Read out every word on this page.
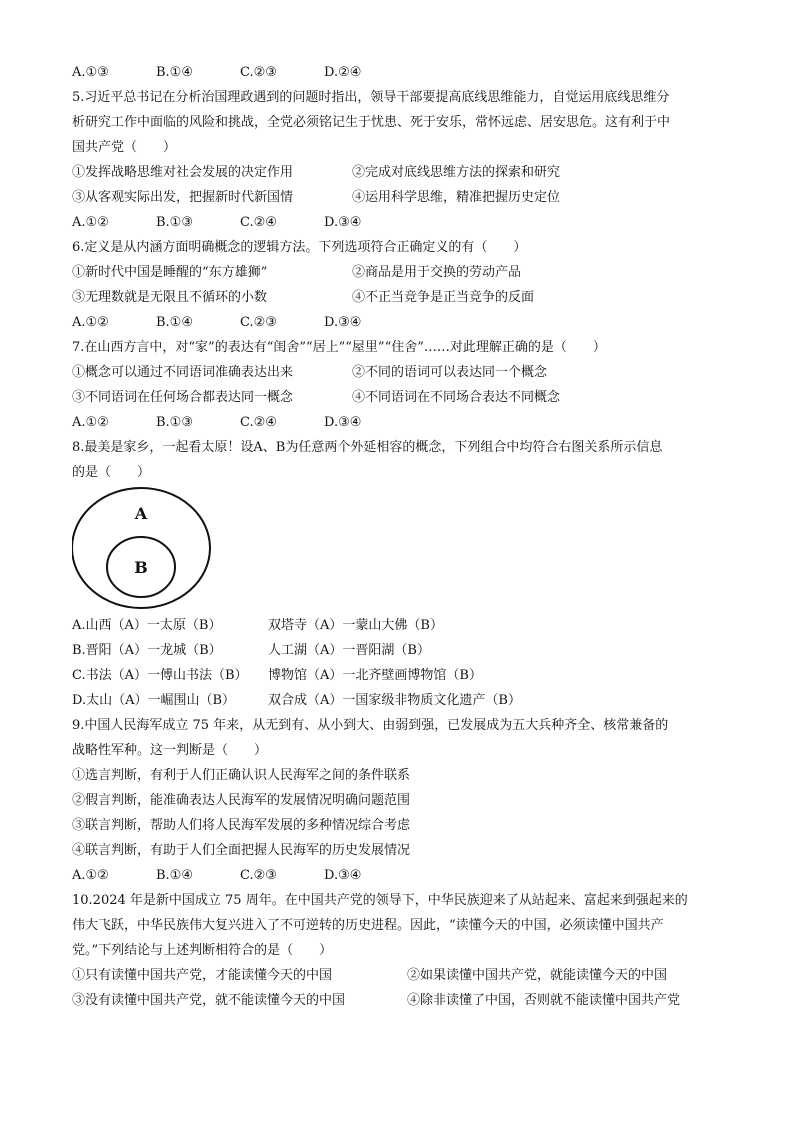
A.①③	B.①④	C.②③	D.②④
5.习近平总书记在分析治国理政遇到的问题时指出，领导干部要提高底线思维能力，自觉运用底线思维分
析研究工作中面临的风险和挑战，全党必须铭记生于忧患、死于安乐，常怀远虑、居安思危。这有利于中
国共产党（　　）
①发挥战略思维对社会发展的决定作用	②完成对底线思维方法的探索和研究
③从客观实际出发，把握新时代新国情	④运用科学思维，精准把握历史定位
A.①②	B.①③	C.②④	D.③④
6.定义是从内涵方面明确概念的逻辑方法。下列选项符合正确定义的有（　　）
①新时代中国是睡醒的“东方雄狮”	②商品是用于交换的劳动产品
③无理数就是无限且不循环的小数	④不正当竞争是正当竞争的反面
A.①②	B.①④	C.②③	D.③④
7.在山西方言中，对“家”的表达有“闺舍”“居上”“屋里”“住舍”……对此理解正确的是（　　）
①概念可以通过不同语词准确表达出来	②不同的语词可以表达同一个概念
③不同语词在任何场合都表达同一概念	④不同语词在不同场合表达不同概念
A.①②	B.①③	C.②④	D.③④
8.最美是家乡，一起看太原！设A、B为任意两个外延相容的概念，下列组合中均符合右图关系所示信息
的是（　　）
A
B
A.山西（A）一太原（B）	双塔寺（A）一蒙山大佛（B）
B.晋阳（A）一龙城（B）	人工湖（A）一晋阳湖（B）
C.书法（A）一傅山书法（B）	博物馆（A）一北齐壁画博物馆（B）
D.太山（A）一崛围山（B）	双合成（A）一国家级非物质文化遗产（B）
9.中国人民海军成立 75 年来，从无到有、从小到大、由弱到强，已发展成为五大兵种齐全、核常兼备的
战略性军种。这一判断是（　　）
①选言判断，有利于人们正确认识人民海军之间的条件联系
②假言判断，能准确表达人民海军的发展情况明确问题范围
③联言判断，帮助人们将人民海军发展的多种情况综合考虑
④联言判断，有助于人们全面把握人民海军的历史发展情况
A.①②	B.①④	C.②③	D.③④
10.2024 年是新中国成立 75 周年。在中国共产党的领导下，中华民族迎来了从站起来、富起来到强起来的
伟大飞跃，中华民族伟大复兴进入了不可逆转的历史进程。因此，“读懂今天的中国，必须读懂中国共产
党。”下列结论与上述判断相符合的是（　　）
①只有读懂中国共产党，才能读懂今天的中国	②如果读懂中国共产党，就能读懂今天的中国
③没有读懂中国共产党，就不能读懂今天的中国	④除非读懂了中国，否则就不能读懂中国共产党
